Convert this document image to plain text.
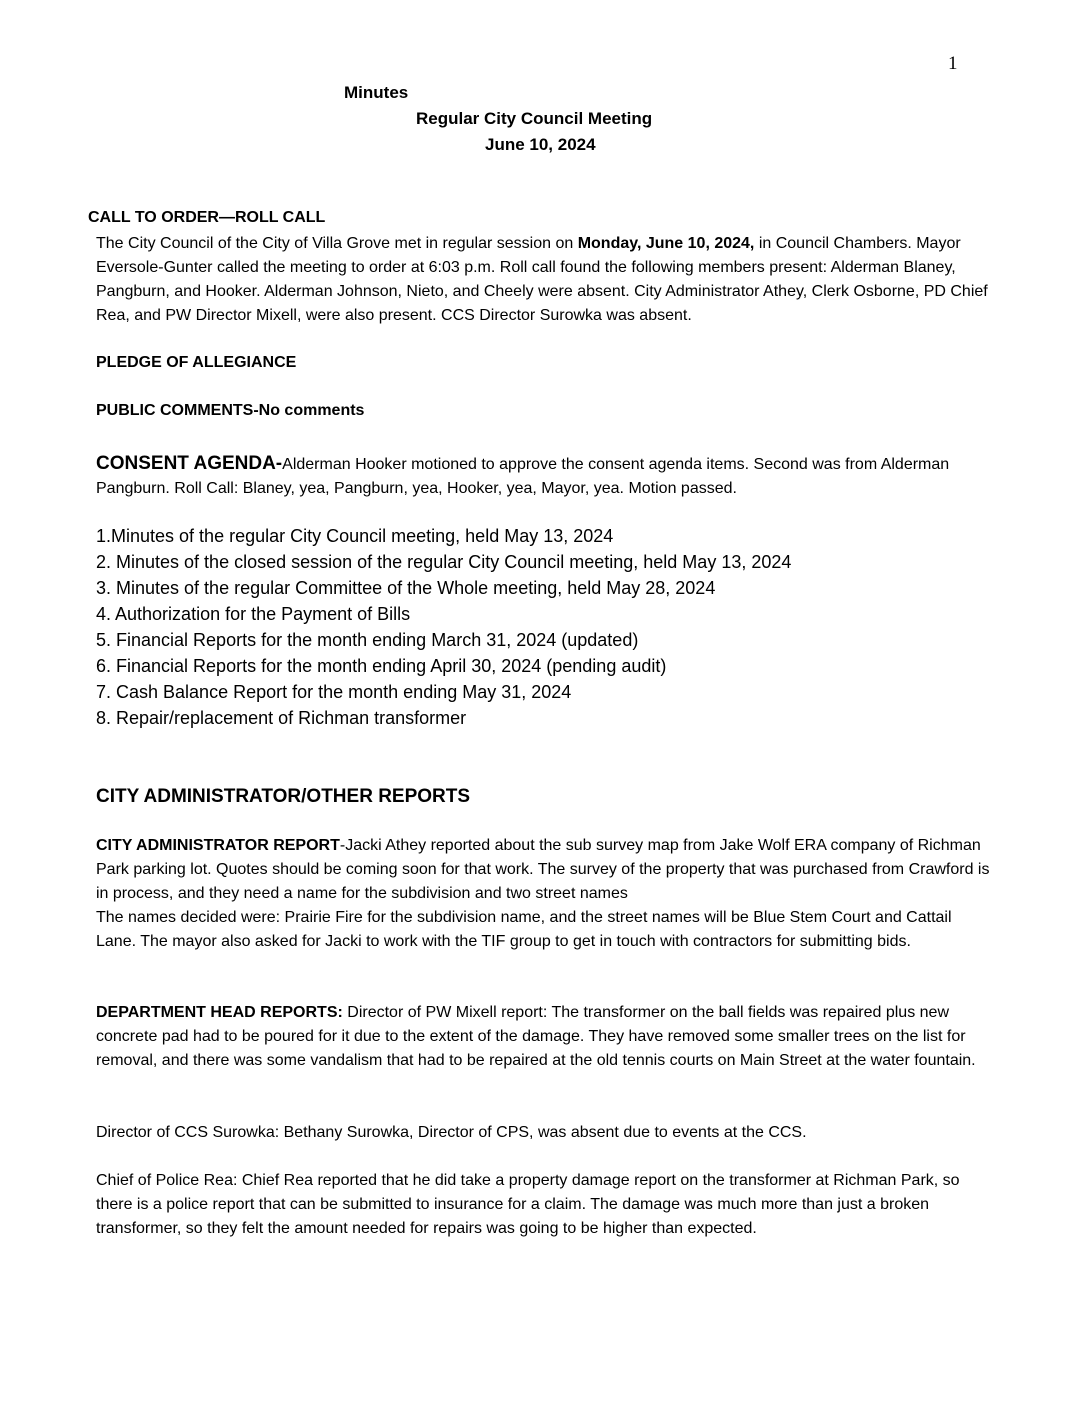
1
Minutes
Regular City Council Meeting
June 10, 2024
CALL TO ORDER—ROLL CALL

The City Council of the City of Villa Grove met in regular session on Monday, June 10, 2024, in Council Chambers. Mayor Eversole-Gunter called the meeting to order at 6:03 p.m. Roll call found the following members present: Alderman Blaney, Pangburn, and Hooker. Alderman Johnson, Nieto, and Cheely were absent. City Administrator Athey, Clerk Osborne, PD Chief Rea, and PW Director Mixell, were also present. CCS Director Surowka was absent.

PLEDGE OF ALLEGIANCE
PUBLIC COMMENTS-No comments

CONSENT AGENDA-Alderman Hooker motioned to approve the consent agenda items. Second was from Alderman Pangburn. Roll Call: Blaney, yea, Pangburn, yea, Hooker, yea, Mayor, yea. Motion passed.

1.Minutes of the regular City Council meeting, held May 13, 2024
2. Minutes of the closed session of the regular City Council meeting, held May 13, 2024
3. Minutes of the regular Committee of the Whole meeting, held May 28, 2024
4. Authorization for the Payment of Bills
5. Financial Reports for the month ending March 31, 2024 (updated)
6. Financial Reports for the month ending April 30, 2024 (pending audit)
7. Cash Balance Report for the month ending May 31, 2024
8. Repair/replacement of Richman transformer
CITY ADMINISTRATOR/OTHER REPORTS

CITY ADMINISTRATOR REPORT-Jacki Athey reported about the sub survey map from Jake Wolf ERA company of Richman Park parking lot. Quotes should be coming soon for that work. The survey of the property that was purchased from Crawford is in process, and they need a name for the subdivision and two street names

The names decided were: Prairie Fire for the subdivision name, and the street names will be Blue Stem Court and Cattail Lane. The mayor also asked for Jacki to work with the TIF group to get in touch with contractors for submitting bids.

DEPARTMENT HEAD REPORTS: Director of PW Mixell report: The transformer on the ball fields was repaired plus new concrete pad had to be poured for it due to the extent of the damage. They have removed some smaller trees on the list for removal, and there was some vandalism that had to be repaired at the old tennis courts on Main Street at the water fountain.

Director of CCS Surowka: Bethany Surowka, Director of CPS, was absent due to events at the CCS.
Chief of Police Rea: Chief Rea reported that he did take a property damage report on the transformer at Richman Park, so there is a police report that can be submitted to insurance for a claim. The damage was much more than just a broken transformer, so they felt the amount needed for repairs was going to be higher than expected.
